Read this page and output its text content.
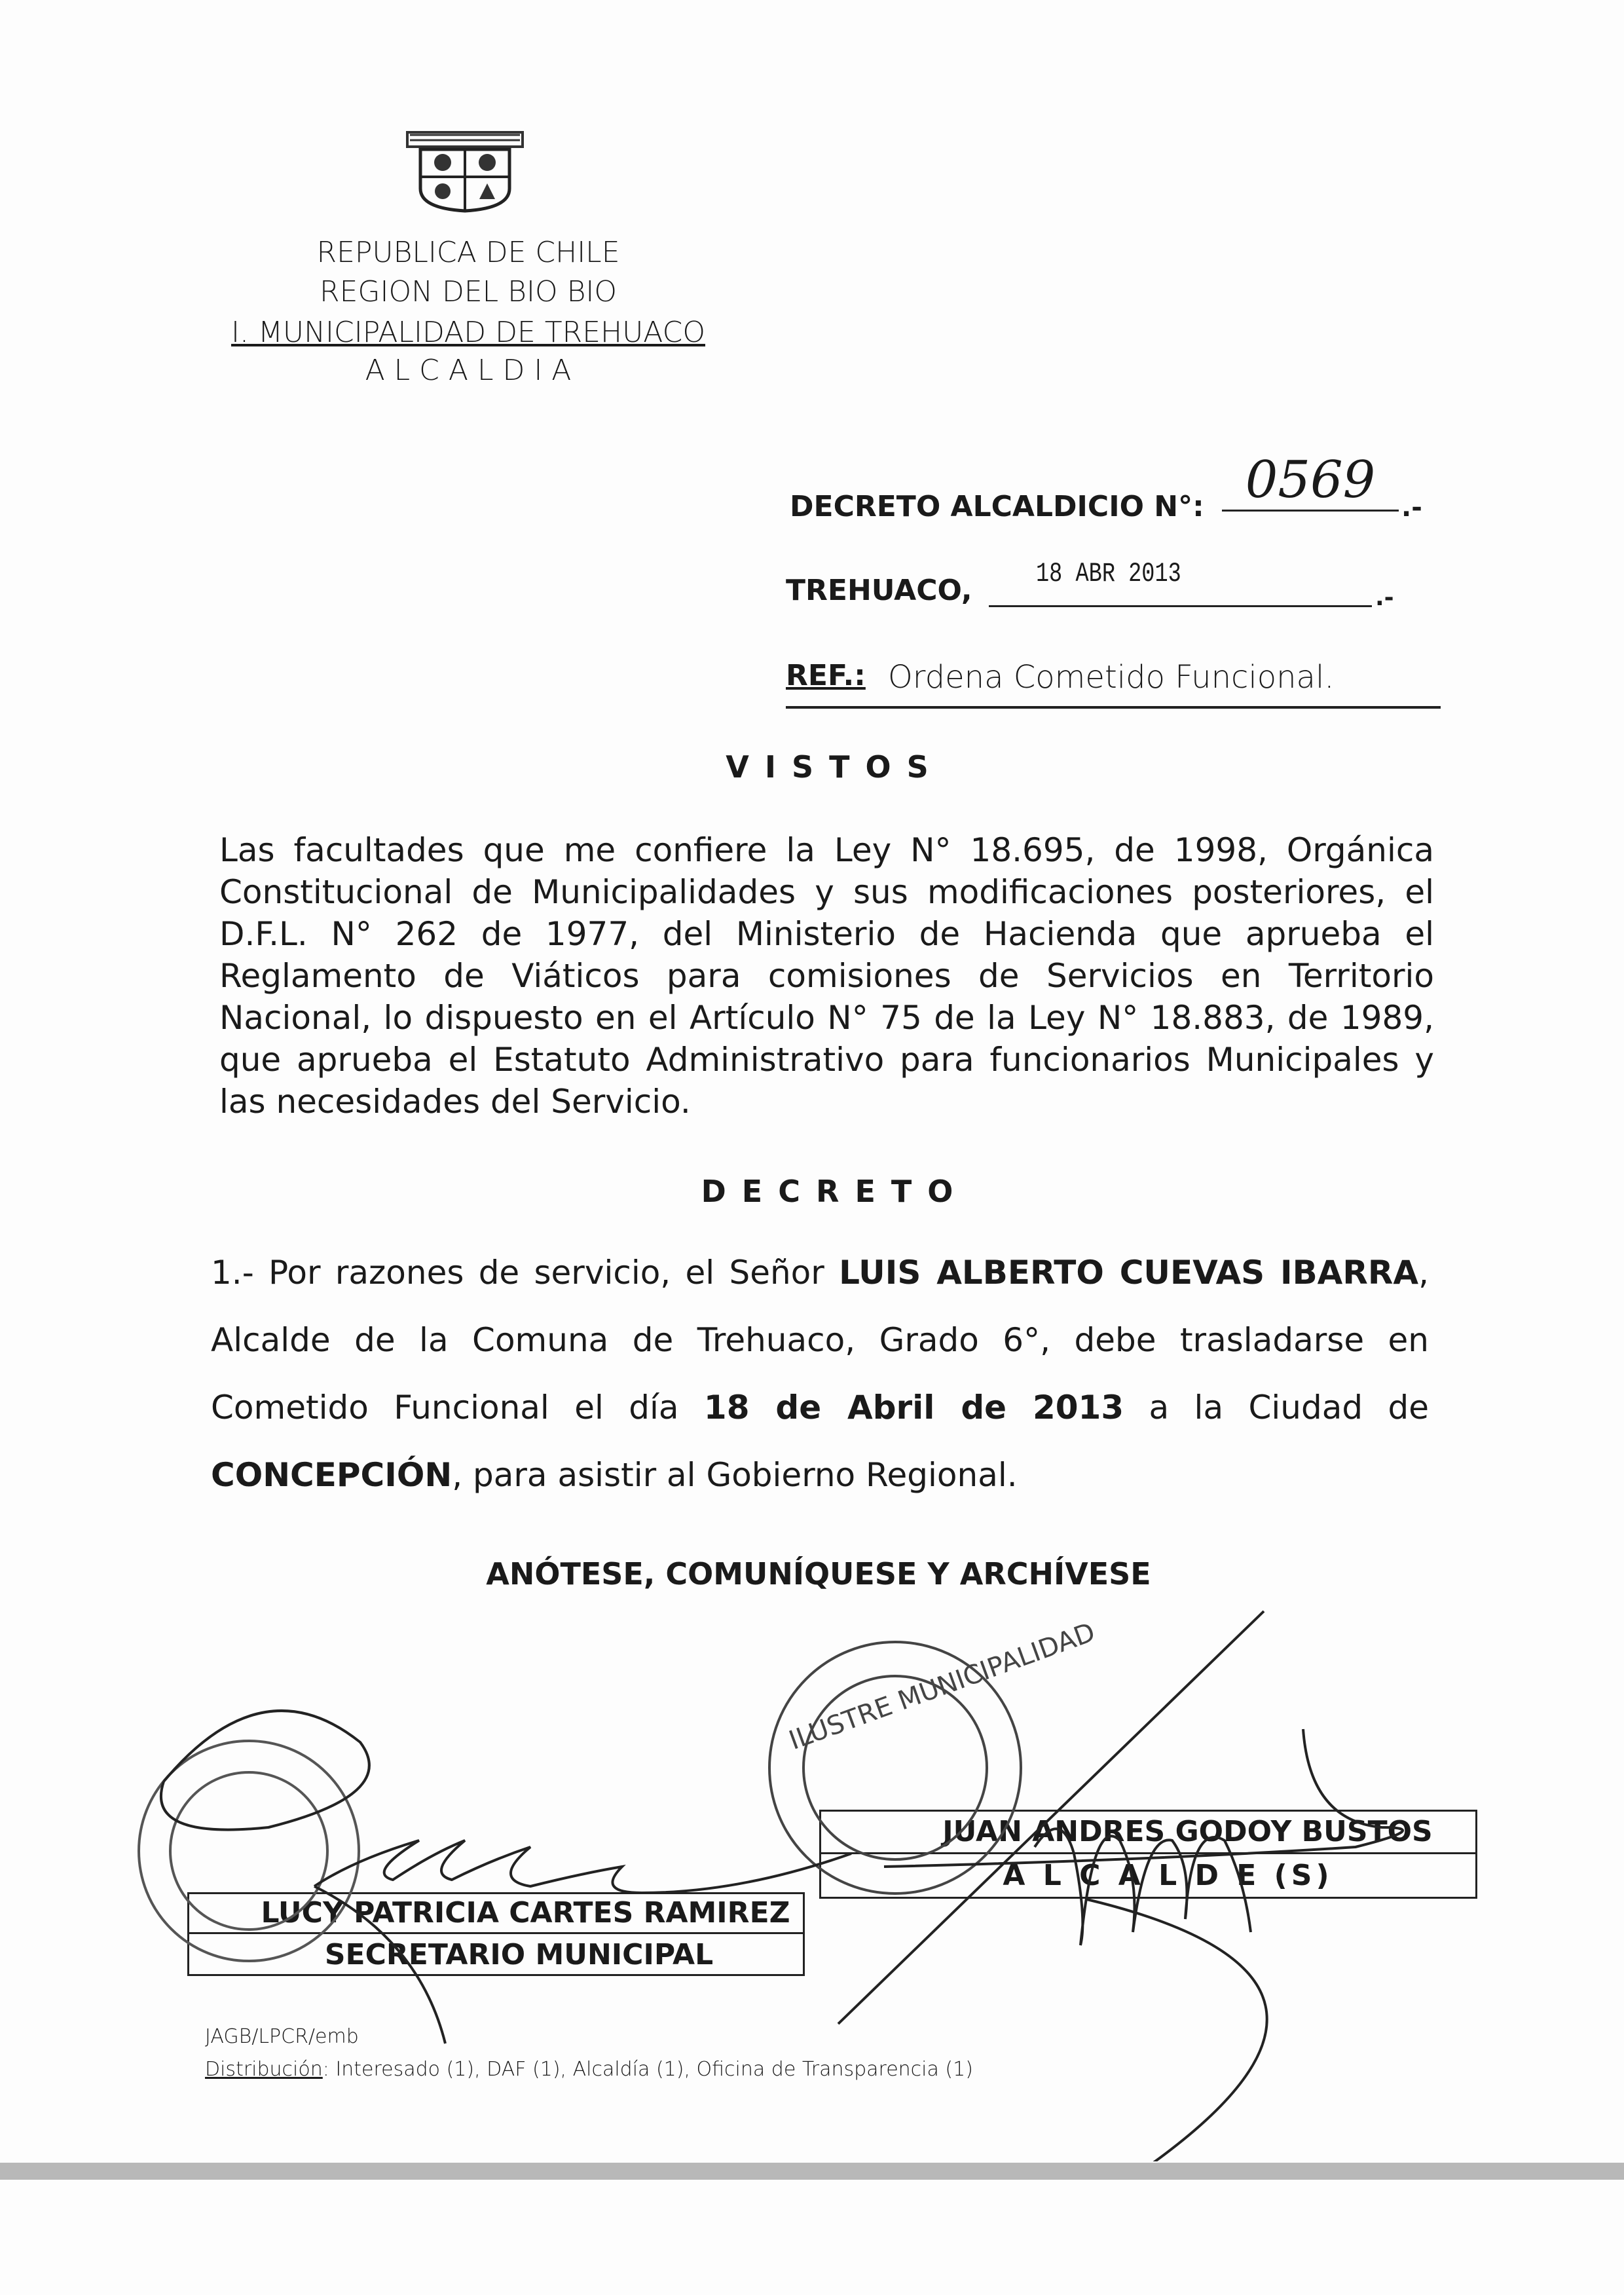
REPUBLICA DE CHILE
REGION DEL BIO BIO
I. MUNICIPALIDAD DE TREHUACO
A L C A L D I A
DECRETO ALCALDICIO N°: 0569 .-
TREHUACO, 18 ABR 2013
.-
REF.: Ordena Cometido Funcional.
V I S T O S
Las facultades que me confiere la Ley N° 18.695, de 1998, Orgánica Constitucional de Municipalidades y sus modificaciones posteriores, el D.F.L. N° 262 de 1977, del Ministerio de Hacienda que aprueba el Reglamento de Viáticos para comisiones de Servicios en Territorio Nacional, lo dispuesto en el Artículo N° 75 de la Ley N° 18.883, de 1989, que aprueba el Estatuto Administrativo para funcionarios Municipales y las necesidades del Servicio.
D E C R E T O
1.- Por razones de servicio, el Señor LUIS ALBERTO CUEVAS IBARRA, Alcalde de la Comuna de Trehuaco, Grado 6°, debe trasladarse en Cometido Funcional el día 18 de Abril de 2013 a la Ciudad de CONCEPCIÓN, para asistir al Gobierno Regional.
ANÓTESE, COMUNÍQUESE Y ARCHÍVESE
JUAN ANDRES GODOY BUSTOS
A L C A L D E (S)
LUCY PATRICIA CARTES RAMIREZ
SECRETARIO MUNICIPAL
ILUSTRE MUNICIPALIDAD
JAGB/LPCR/emb
Distribución: Interesado (1), DAF (1), Alcaldía (1), Oficina de Transparencia (1)
